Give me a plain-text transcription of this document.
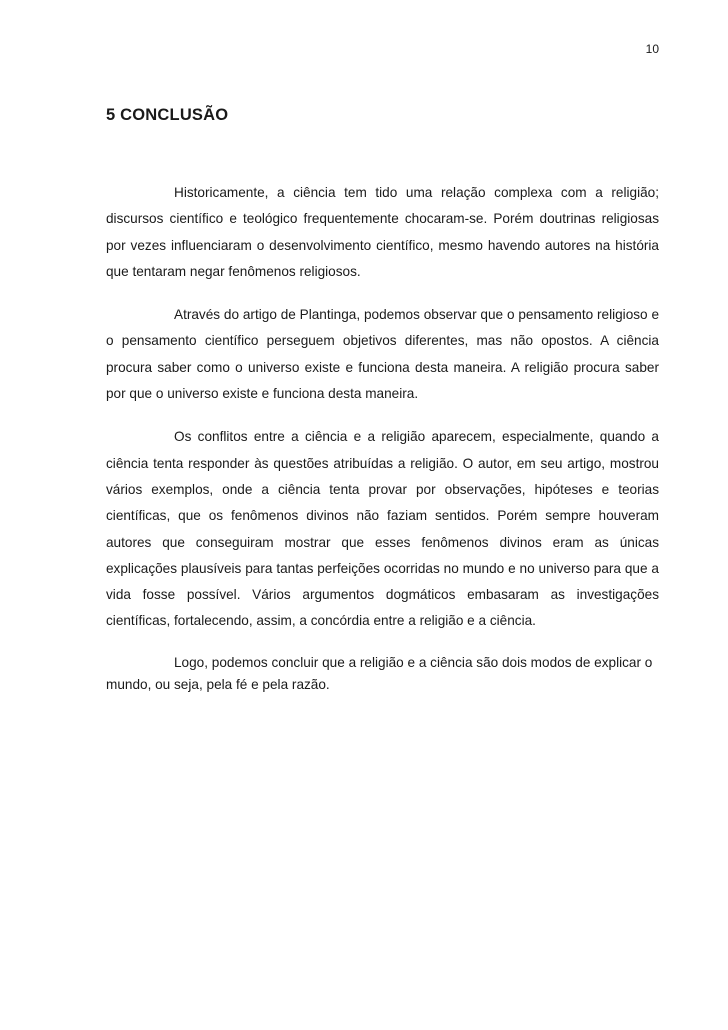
10
5 CONCLUSÃO

Historicamente, a ciência tem tido uma relação complexa com a religião; discursos científico e teológico frequentemente chocaram-se. Porém doutrinas religiosas por vezes influenciaram o desenvolvimento científico, mesmo havendo autores na história que tentaram negar fenômenos religiosos.

Através do artigo de Plantinga, podemos observar que o pensamento religioso e o pensamento científico perseguem objetivos diferentes, mas não opostos. A ciência procura saber como o universo existe e funciona desta maneira. A religião procura saber por que o universo existe e funciona desta maneira.

Os conflitos entre a ciência e a religião aparecem, especialmente, quando a ciência tenta responder às questões atribuídas a religião. O autor, em seu artigo, mostrou vários exemplos, onde a ciência tenta provar por observações, hipóteses e teorias científicas, que os fenômenos divinos não faziam sentidos. Porém sempre houveram autores que conseguiram mostrar que esses fenômenos divinos eram as únicas explicações plausíveis para tantas perfeições ocorridas no mundo e no universo para que a vida fosse possível. Vários argumentos dogmáticos embasaram as investigações científicas, fortalecendo, assim, a concórdia entre a religião e a ciência.

Logo, podemos concluir que a religião e a ciência são dois modos de explicar o mundo, ou seja, pela fé e pela razão.
